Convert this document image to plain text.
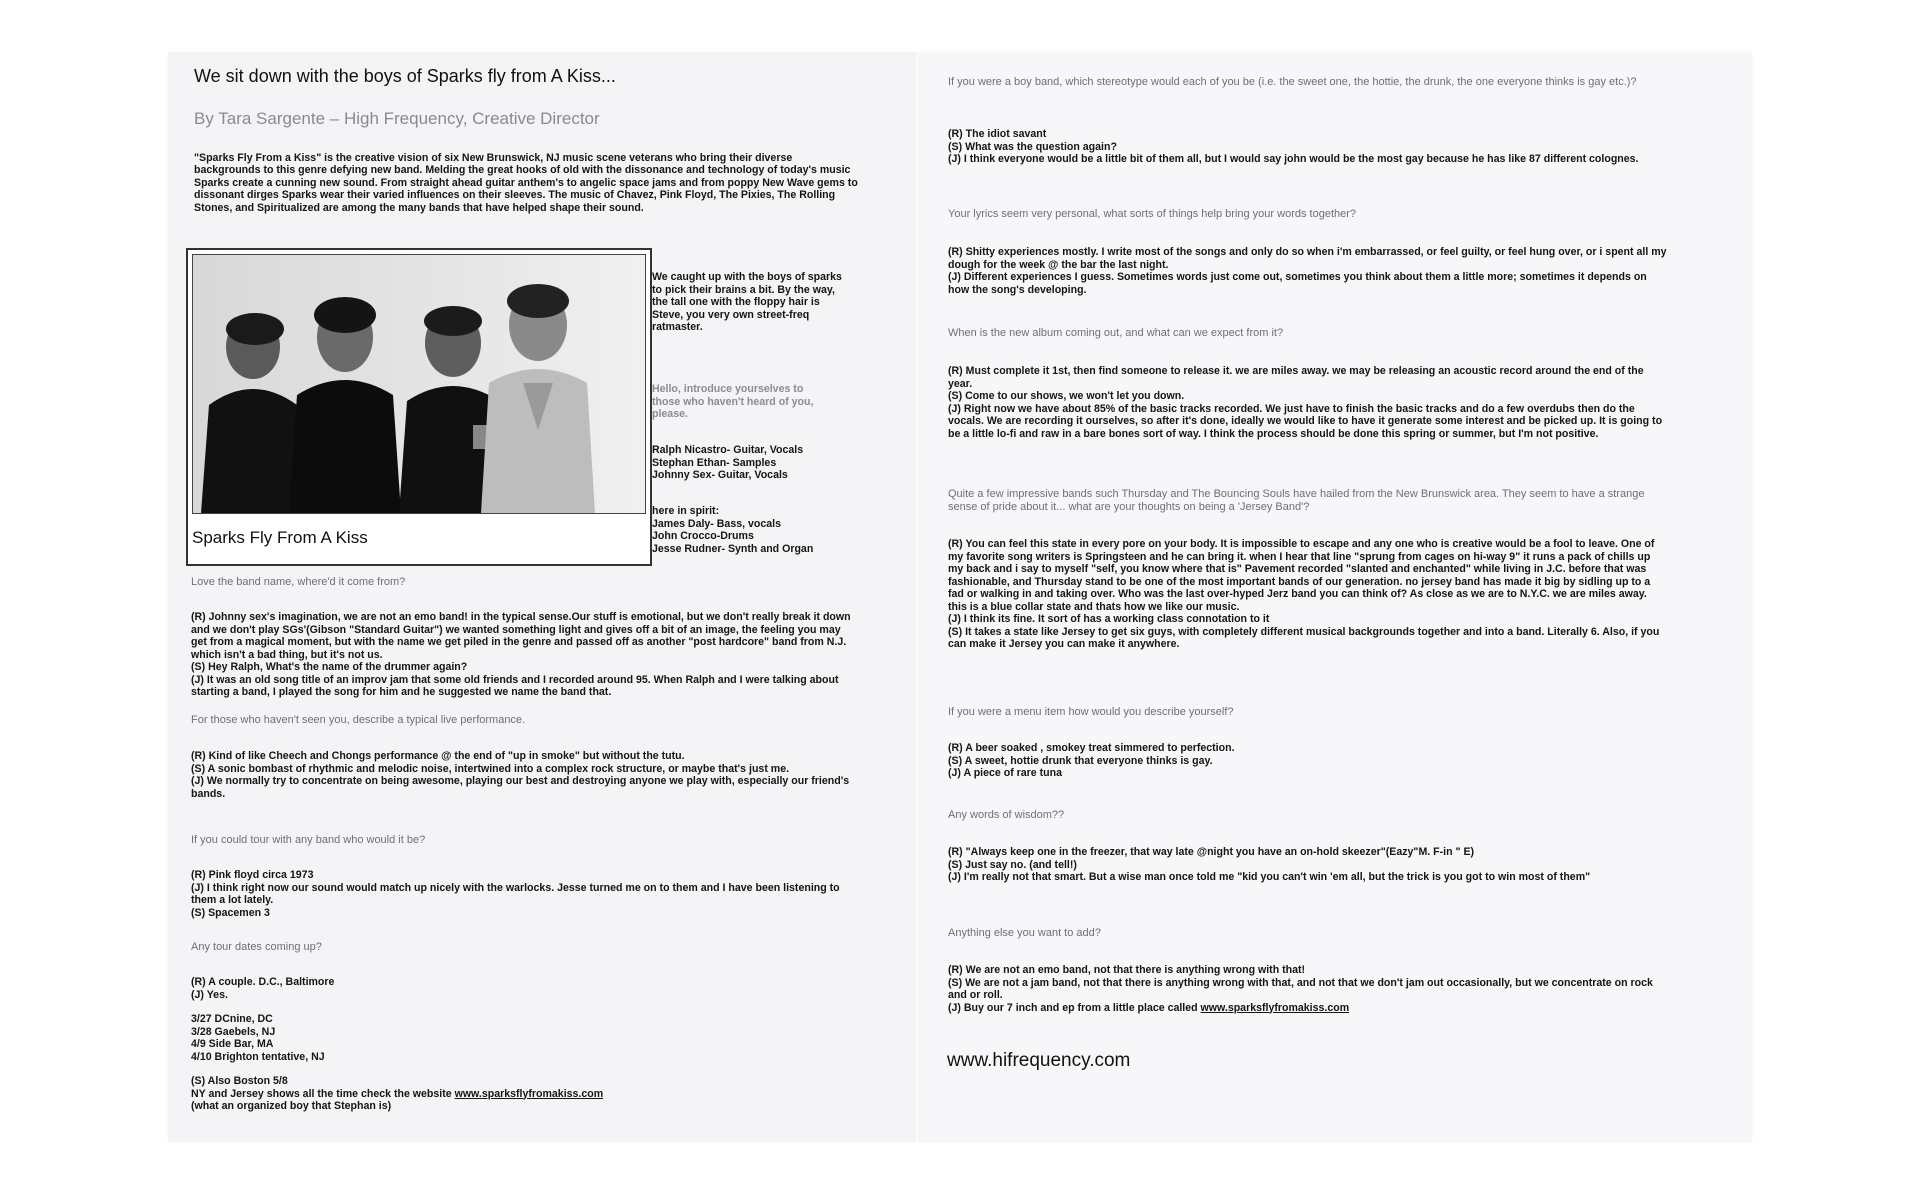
We sit down with the boys of Sparks fly from A Kiss...
By Tara Sargente – High Frequency, Creative Director
"Sparks Fly From a Kiss" is the creative vision of six New Brunswick, NJ music scene veterans who bring their diverse backgrounds to this genre defying new band. Melding the great hooks of old with the dissonance and technology of today's music Sparks create a cunning new sound. From straight ahead guitar anthem's to angelic space jams and from poppy New Wave gems to dissonant dirges Sparks wear their varied influences on their sleeves. The music of Chavez, Pink Floyd, The Pixies, The Rolling Stones, and Spiritualized are among the many bands that have helped shape their sound.
Sparks Fly From A Kiss
We caught up with the boys of sparks to pick their brains a bit. By the way, the tall one with the floppy hair is Steve, you very own street-freq ratmaster.
Hello, introduce yourselves to those who haven't heard of you, please.
Ralph Nicastro- Guitar, Vocals
Stephan Ethan- Samples
Johnny Sex- Guitar, Vocals
here in spirit:
James Daly- Bass, vocals
John Crocco-Drums
Jesse Rudner- Synth and Organ
Love the band name, where'd it come from?
(R) Johnny sex's imagination, we are not an emo band! in the typical sense.Our stuff is emotional, but we don't really break it down and we don't play SGs'(Gibson "Standard Guitar") we wanted something light and gives off a bit of an image, the feeling you may get from a magical moment, but with the name we get piled in the genre and passed off as another "post hardcore" band from N.J. which isn't a bad thing, but it's not us.
(S) Hey Ralph, What's the name of the drummer again?
(J) It was an old song title of an improv jam that some old friends and I recorded around 95. When Ralph and I were talking about starting a band, I played the song for him and he suggested we name the band that.
For those who haven't seen you, describe a typical live performance.
(R) Kind of like Cheech and Chongs performance @ the end of "up in smoke" but without the tutu.
(S) A sonic bombast of rhythmic and melodic noise, intertwined into a complex rock structure, or maybe that's just me.
(J) We normally try to concentrate on being awesome, playing our best and destroying anyone we play with, especially our friend's bands.
If you could tour with any band who would it be?
(R) Pink floyd circa 1973
(J) I think right now our sound would match up nicely with the warlocks. Jesse turned me on to them and I have been listening to them a lot lately.
(S) Spacemen 3
Any tour dates coming up?
(R) A couple. D.C., Baltimore
(J) Yes.
3/27 DCnine, DC
3/28 Gaebels, NJ
4/9 Side Bar, MA
4/10 Brighton tentative, NJ
(S) Also Boston 5/8
NY and Jersey shows all the time check the website www.sparksflyfromakiss.com
(what an organized boy that Stephan is)
If you were a boy band, which stereotype would each of you be (i.e. the sweet one, the hottie, the drunk, the one everyone thinks is gay etc.)?
(R) The idiot savant
(S) What was the question again?
(J) I think everyone would be a little bit of them all, but I would say john would be the most gay because he has like 87 different colognes.
Your lyrics seem very personal, what sorts of things help bring your words together?
(R) Shitty experiences mostly. I write most of the songs and only do so when i'm embarrassed, or feel guilty, or feel hung over, or i spent all my dough for the week @ the bar the last night.
(J) Different experiences I guess. Sometimes words just come out, sometimes you think about them a little more; sometimes it depends on how the song's developing.
When is the new album coming out, and what can we expect from it?
(R) Must complete it 1st, then find someone to release it. we are miles away. we may be releasing an acoustic record around the end of the year.
(S) Come to our shows, we won't let you down.
(J) Right now we have about 85% of the basic tracks recorded. We just have to finish the basic tracks and do a few overdubs then do the vocals. We are recording it ourselves, so after it's done, ideally we would like to have it generate some interest and be picked up. It is going to be a little lo-fi and raw in a bare bones sort of way. I think the process should be done this spring or summer, but I'm not positive.
Quite a few impressive bands such Thursday and The Bouncing Souls have hailed from the New Brunswick area. They seem to have a strange sense of pride about it... what are your thoughts on being a 'Jersey Band'?
(R) You can feel this state in every pore on your body. It is impossible to escape and any one who is creative would be a fool to leave. One of my favorite song writers is Springsteen and he can bring it. when I hear that line "sprung from cages on hi-way 9" it runs a pack of chills up my back and i say to myself "self, you know where that is" Pavement recorded "slanted and enchanted" while living in J.C. before that was fashionable, and Thursday stand to be one of the most important bands of our generation. no jersey band has made it big by sidling up to a fad or walking in and taking over. Who was the last over-hyped Jerz band you can think of? As close as we are to N.Y.C. we are miles away. this is a blue collar state and thats how we like our music.
(J) I think its fine. It sort of has a working class connotation to it
(S) It takes a state like Jersey to get six guys, with completely different musical backgrounds together and into a band. Literally 6. Also, if you can make it Jersey you can make it anywhere.
If you were a menu item how would you describe yourself?
(R) A beer soaked , smokey treat simmered to perfection.
(S) A sweet, hottie drunk that everyone thinks is gay.
(J) A piece of rare tuna
Any words of wisdom??
(R) "Always keep one in the freezer, that way late @night you have an on-hold skeezer"(Eazy"M. F-in " E)
(S) Just say no. (and tell!)
(J) I'm really not that smart. But a wise man once told me "kid you can't win 'em all, but the trick is you got to win most of them"
Anything else you want to add?
(R) We are not an emo band, not that there is anything wrong with that!
(S) We are not a jam band, not that there is anything wrong with that, and not that we don't jam out occasionally, but we concentrate on rock and or roll.
(J) Buy our 7 inch and ep from a little place called www.sparksflyfromakiss.com
www.hifrequency.com
